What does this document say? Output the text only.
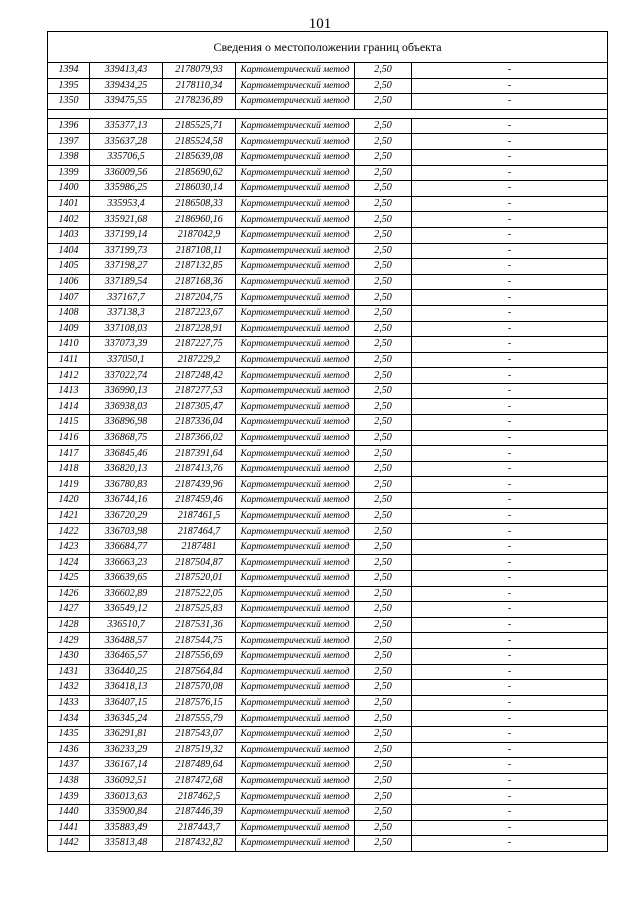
101
Сведения о местоположении границ объекта					
1394	339413,43	2178079,93	Картометрический метод	2,50	-
1395	339434,25	2178110,34	Картометрический метод	2,50	-
1350	339475,55	2178236,89	Картометрический метод	2,50	-

1396	335377,13	2185525,71	Картометрический метод	2,50	-
1397	335637,28	2185524,58	Картометрический метод	2,50	-
1398	335706,5	2185639,08	Картометрический метод	2,50	-
1399	336009,56	2185690,62	Картометрический метод	2,50	-
1400	335986,25	2186030,14	Картометрический метод	2,50	-
1401	335953,4	2186508,33	Картометрический метод	2,50	-
1402	335921,68	2186960,16	Картометрический метод	2,50	-
1403	337199,14	2187042,9	Картометрический метод	2,50	-
1404	337199,73	2187108,11	Картометрический метод	2,50	-
1405	337198,27	2187132,85	Картометрический метод	2,50	-
1406	337189,54	2187168,36	Картометрический метод	2,50	-
1407	337167,7	2187204,75	Картометрический метод	2,50	-
1408	337138,3	2187223,67	Картометрический метод	2,50	-
1409	337108,03	2187228,91	Картометрический метод	2,50	-
1410	337073,39	2187227,75	Картометрический метод	2,50	-
1411	337050,1	2187229,2	Картометрический метод	2,50	-
1412	337022,74	2187248,42	Картометрический метод	2,50	-
1413	336990,13	2187277,53	Картометрический метод	2,50	-
1414	336938,03	2187305,47	Картометрический метод	2,50	-
1415	336896,98	2187336,04	Картометрический метод	2,50	-
1416	336868,75	2187366,02	Картометрический метод	2,50	-
1417	336845,46	2187391,64	Картометрический метод	2,50	-
1418	336820,13	2187413,76	Картометрический метод	2,50	-
1419	336780,83	2187439,96	Картометрический метод	2,50	-
1420	336744,16	2187459,46	Картометрический метод	2,50	-
1421	336720,29	2187461,5	Картометрический метод	2,50	-
1422	336703,98	2187464,7	Картометрический метод	2,50	-
1423	336684,77	2187481	Картометрический метод	2,50	-
1424	336663,23	2187504,87	Картометрический метод	2,50	-
1425	336639,65	2187520,01	Картометрический метод	2,50	-
1426	336602,89	2187522,05	Картометрический метод	2,50	-
1427	336549,12	2187525,83	Картометрический метод	2,50	-
1428	336510,7	2187531,36	Картометрический метод	2,50	-
1429	336488,57	2187544,75	Картометрический метод	2,50	-
1430	336465,57	2187556,69	Картометрический метод	2,50	-
1431	336440,25	2187564,84	Картометрический метод	2,50	-
1432	336418,13	2187570,08	Картометрический метод	2,50	-
1433	336407,15	2187576,15	Картометрический метод	2,50	-
1434	336345,24	2187555,79	Картометрический метод	2,50	-
1435	336291,81	2187543,07	Картометрический метод	2,50	-
1436	336233,29	2187519,32	Картометрический метод	2,50	-
1437	336167,14	2187489,64	Картометрический метод	2,50	-
1438	336092,51	2187472,68	Картометрический метод	2,50	-
1439	336013,63	2187462,5	Картометрический метод	2,50	-
1440	335900,84	2187446,39	Картометрический метод	2,50	-
1441	335883,49	2187443,7	Картометрический метод	2,50	-
1442	335813,48	2187432,82	Картометрический метод	2,50	-
